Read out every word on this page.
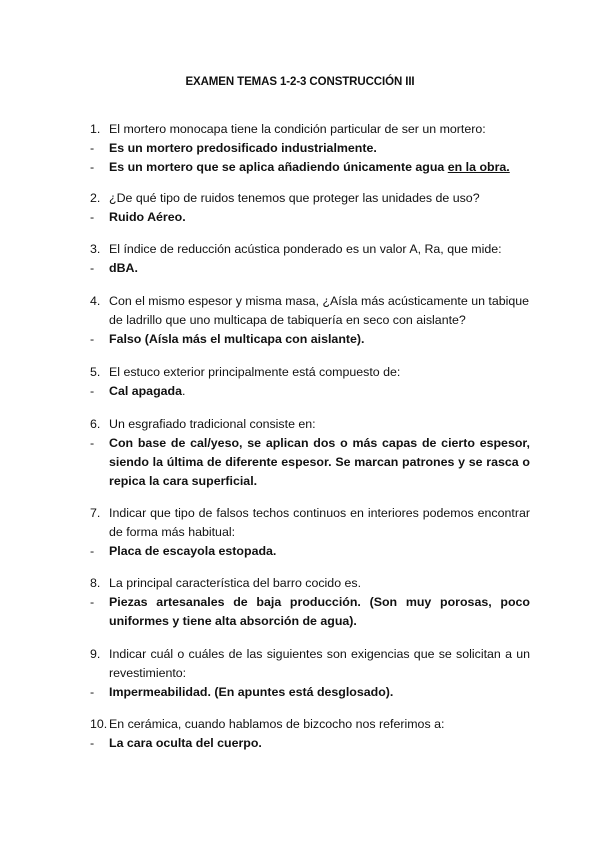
EXAMEN TEMAS 1-2-3 CONSTRUCCIÓN III
1. El mortero monocapa tiene la condición particular de ser un mortero:
-	Es un mortero predosificado industrialmente.
-	Es un mortero que se aplica añadiendo únicamente agua en la obra.
2. ¿De qué tipo de ruidos tenemos que proteger las unidades de uso?
-	Ruido Aéreo.
3. El índice de reducción acústica ponderado es un valor A, Ra, que mide:
-	dBA.
4. Con el mismo espesor y misma masa, ¿Aísla más acústicamente un tabique de ladrillo que uno multicapa de tabiquería en seco con aislante?
-	Falso (Aísla más el multicapa con aislante).
5. El estuco exterior principalmente está compuesto de:
-	Cal apagada.
6. Un esgrafiado tradicional consiste en:
-	Con base de cal/yeso, se aplican dos o más capas de cierto espesor, siendo la última de diferente espesor. Se marcan patrones y se rasca o repica la cara superficial.
7. Indicar que tipo de falsos techos continuos en interiores podemos encontrar de forma más habitual:
-	Placa de escayola estopada.
8. La principal característica del barro cocido es.
-	Piezas artesanales de baja producción. (Son muy porosas, poco uniformes y tiene alta absorción de agua).
9. Indicar cuál o cuáles de las siguientes son exigencias que se solicitan a un revestimiento:
-	Impermeabilidad. (En apuntes está desglosado).
10. En cerámica, cuando hablamos de bizcocho nos referimos a:
-	La cara oculta del cuerpo.
